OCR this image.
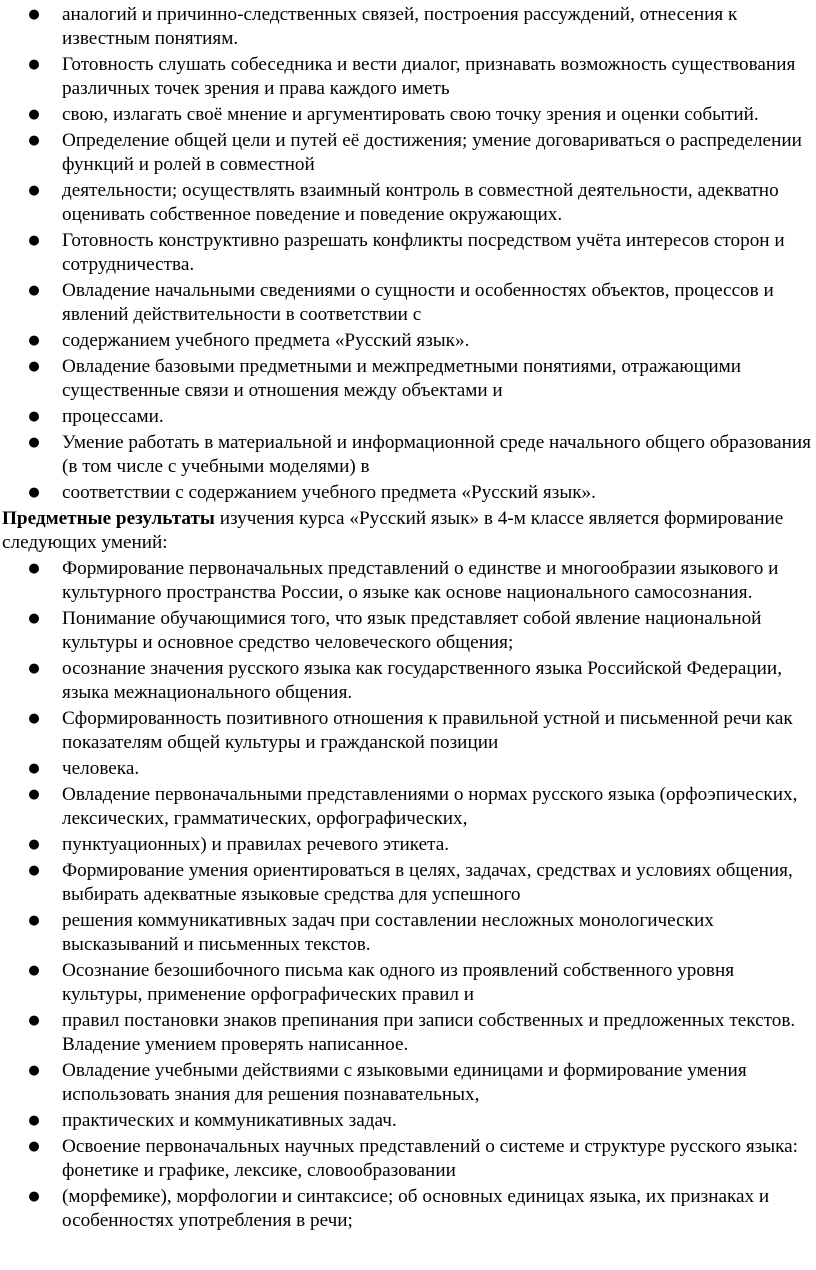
● аналогий и причинно-следственных связей, построения рассуждений, отнесения к известным понятиям.
● Готовность слушать собеседника и вести диалог, признавать возможность существования различных точек зрения и права каждого иметь
● свою, излагать своё мнение и аргументировать свою точку зрения и оценки событий.
● Определение общей цели и путей её достижения; умение договариваться о распределении функций и ролей в совместной
● деятельности; осуществлять взаимный контроль в совместной деятельности, адекватно оценивать собственное поведение и поведение окружающих.
● Готовность конструктивно разрешать конфликты посредством учёта интересов сторон и сотрудничества.
● Овладение начальными сведениями о сущности и особенностях объектов, процессов и явлений действительности в соответствии с
● содержанием учебного предмета «Русский язык».
● Овладение базовыми предметными и межпредметными понятиями, отражающими существенные связи и отношения между объектами и
● процессами.
● Умение работать в материальной и информационной среде начального общего образования (в том числе с учебными моделями) в
● соответствии с содержанием учебного предмета «Русский язык».

Предметные результаты изучения курса «Русский язык» в 4-м классе является формирование следующих умений:

● Формирование первоначальных представлений о единстве и многообразии языкового и культурного пространства России, о языке как основе национального самосознания.
● Понимание обучающимися того, что язык представляет собой явление национальной культуры и основное средство человеческого общения;
● осознание значения русского языка как государственного языка Российской Федерации, языка межнационального общения.
● Сформированность позитивного отношения к правильной устной и письменной речи как показателям общей культуры и гражданской позиции
● человека.
● Овладение первоначальными представлениями о нормах русского языка (орфоэпических, лексических, грамматических, орфографических,
● пунктуационных) и правилах речевого этикета.
● Формирование умения ориентироваться в целях, задачах, средствах и условиях общения, выбирать адекватные языковые средства для успешного
● решения коммуникативных задач при составлении несложных монологических высказываний и письменных текстов.
● Осознание безошибочного письма как одного из проявлений собственного уровня культуры, применение орфографических правил и
● правил постановки знаков препинания при записи собственных и предложенных текстов. Владение умением проверять написанное.
● Овладение учебными действиями с языковыми единицами и формирование умения использовать знания для решения познавательных,
● практических и коммуникативных задач.
● Освоение первоначальных научных представлений о системе и структуре русского языка: фонетике и графике, лексике, словообразовании
● (морфемике), морфологии и синтаксисе; об основных единицах языка, их признаках и особенностях употребления в речи;
